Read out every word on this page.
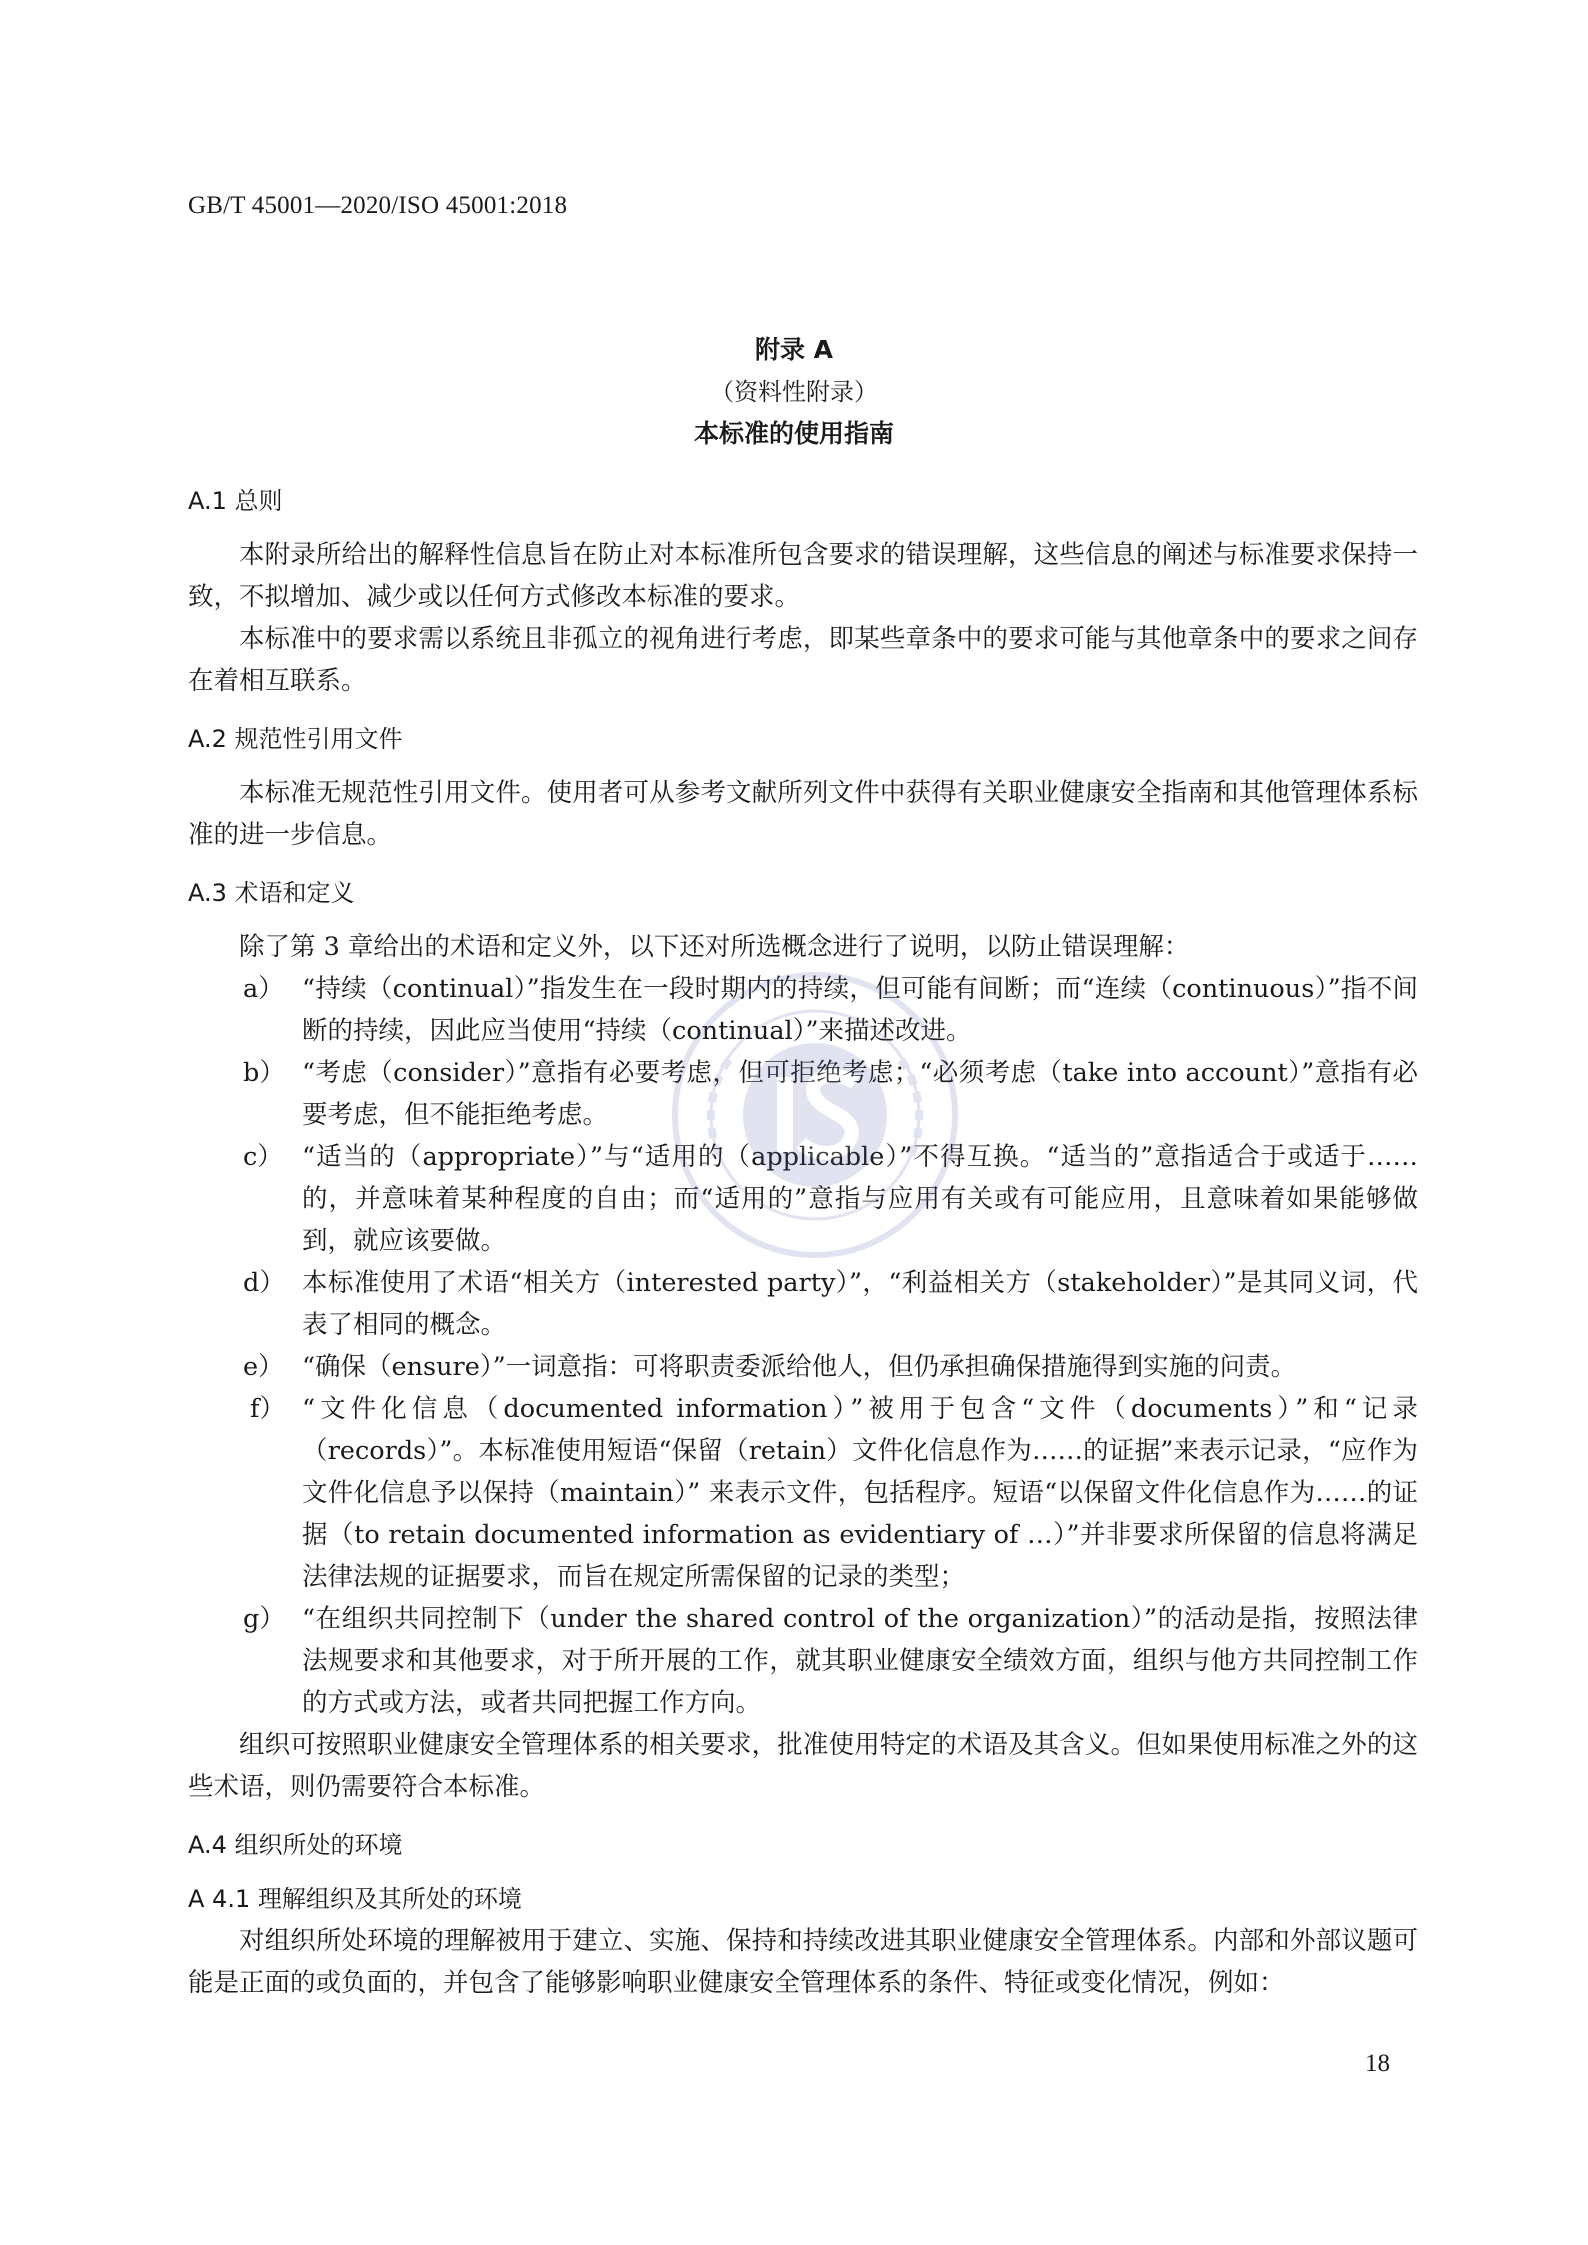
GB/T 45001—2020/ISO 45001:2018
附录 A
（资料性附录）
本标准的使用指南

A.1 总则

本附录所给出的解释性信息旨在防止对本标准所包含要求的错误理解，这些信息的阐述与标准要求保持一致，不拟增加、减少或以任何方式修改本标准的要求。

本标准中的要求需以系统且非孤立的视角进行考虑，即某些章条中的要求可能与其他章条中的要求之间存在着相互联系。

A.2 规范性引用文件

本标准无规范性引用文件。使用者可从参考文献所列文件中获得有关职业健康安全指南和其他管理体系标准的进一步信息。

A.3 术语和定义

除了第 3 章给出的术语和定义外，以下还对所选概念进行了说明，以防止错误理解：

a） “持续（continual）”指发生在一段时期内的持续，但可能有间断；而“连续（continuous）”指不间断的持续，因此应当使用“持续（continual）”来描述改进。
b） “考虑（consider）”意指有必要考虑，但可拒绝考虑；“必须考虑（take into account）”意指有必要考虑，但不能拒绝考虑。
c） “适当的（appropriate）”与“适用的（applicable）”不得互换。“适当的”意指适合于或适于……的，并意味着某种程度的自由；而“适用的”意指与应用有关或有可能应用，且意味着如果能够做到，就应该要做。
d） 本标准使用了术语“相关方（interested party）”，“利益相关方（stakeholder）”是其同义词，代表了相同的概念。
e） “确保（ensure）”一词意指：可将职责委派给他人，但仍承担确保措施得到实施的问责。
f） “文件化信息（documented information）”被用于包含“文件（documents）”和“记录（records）”。本标准使用短语“保留（retain）文件化信息作为……的证据”来表示记录，“应作为文件化信息予以保持（maintain）” 来表示文件，包括程序。短语“以保留文件化信息作为……的证据（to retain documented information as evidentiary of …）”并非要求所保留的信息将满足法律法规的证据要求，而旨在规定所需保留的记录的类型；
g） “在组织共同控制下（under the shared control of the organization）”的活动是指，按照法律法规要求和其他要求，对于所开展的工作，就其职业健康安全绩效方面，组织与他方共同控制工作的方式或方法，或者共同把握工作方向。

组织可按照职业健康安全管理体系的相关要求，批准使用特定的术语及其含义。但如果使用标准之外的这些术语，则仍需要符合本标准。

A.4 组织所处的环境

A 4.1 理解组织及其所处的环境

对组织所处环境的理解被用于建立、实施、保持和持续改进其职业健康安全管理体系。内部和外部议题可能是正面的或负面的，并包含了能够影响职业健康安全管理体系的条件、特征或变化情况，例如：

18
